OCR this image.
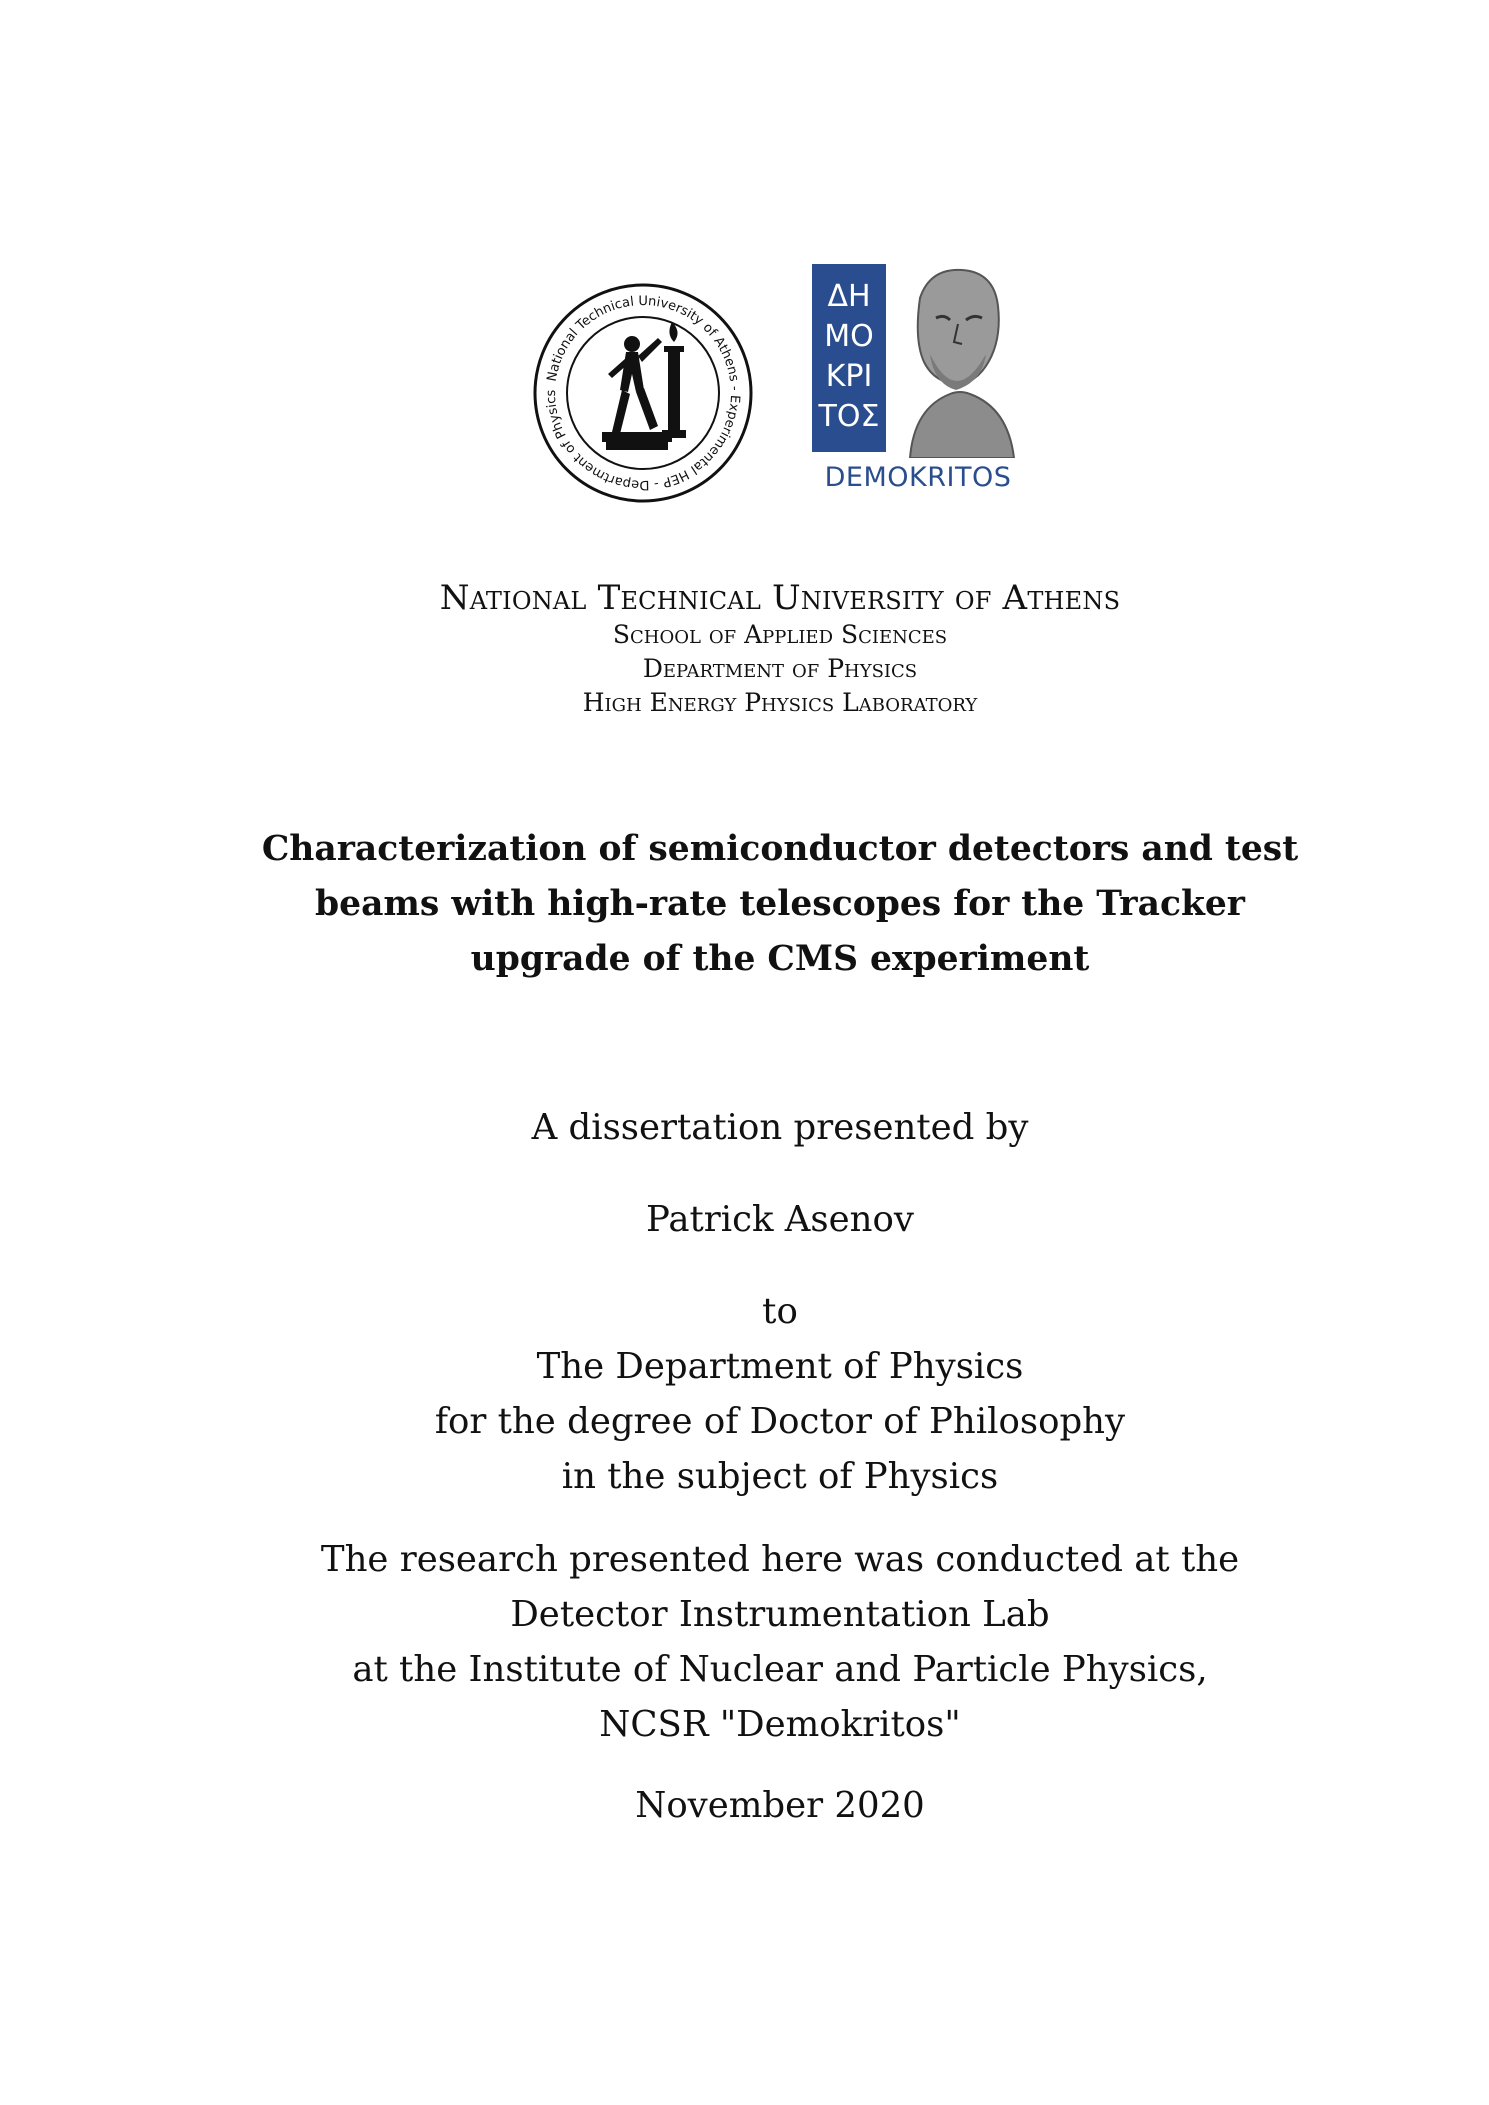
National Technical University of Athens - Experimental HEP - Department of Physics
ΔΗ
ΜΟ
ΚΡΙ
ΤΟΣ
DEMOKRITOS
National Technical University of Athens
School of Applied Sciences
Department of Physics
High Energy Physics Laboratory
Characterization of semiconductor detectors and test
beams with high-rate telescopes for the Tracker
upgrade of the CMS experiment
A dissertation presented by
Patrick Asenov
to
The Department of Physics
for the degree of Doctor of Philosophy
in the subject of Physics
The research presented here was conducted at the
Detector Instrumentation Lab
at the Institute of Nuclear and Particle Physics,
NCSR "Demokritos"
November 2020
